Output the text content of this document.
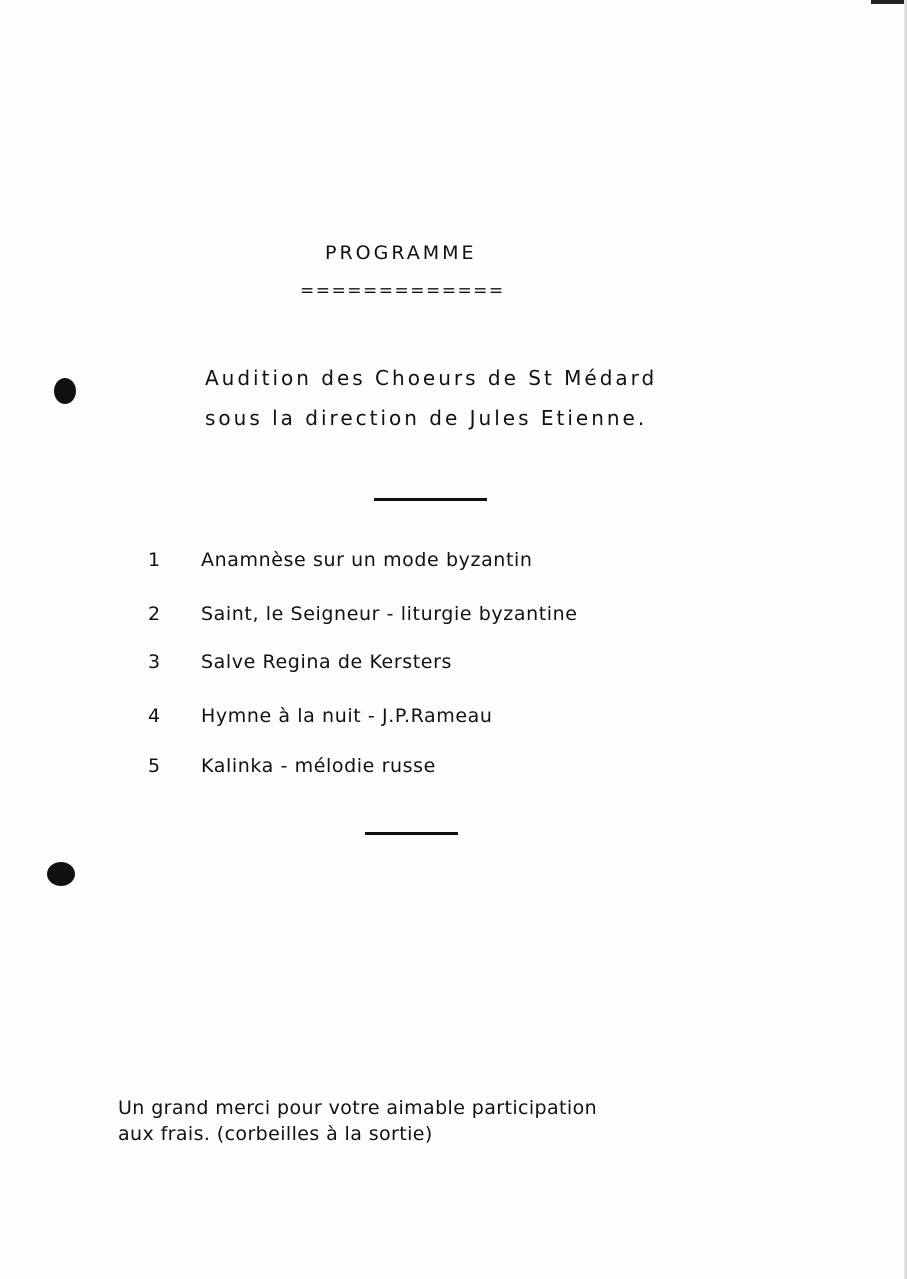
PROGRAMME
=============
Audition des Choeurs de St Médard
sous la direction de Jules Etienne.
1 Anamnèse sur un mode byzantin
2 Saint, le Seigneur - liturgie byzantine
3 Salve Regina de Kersters
4 Hymne à la nuit - J.P.Rameau
5 Kalinka - mélodie russe
Un grand merci pour votre aimable participation
aux frais. (corbeilles à la sortie)
